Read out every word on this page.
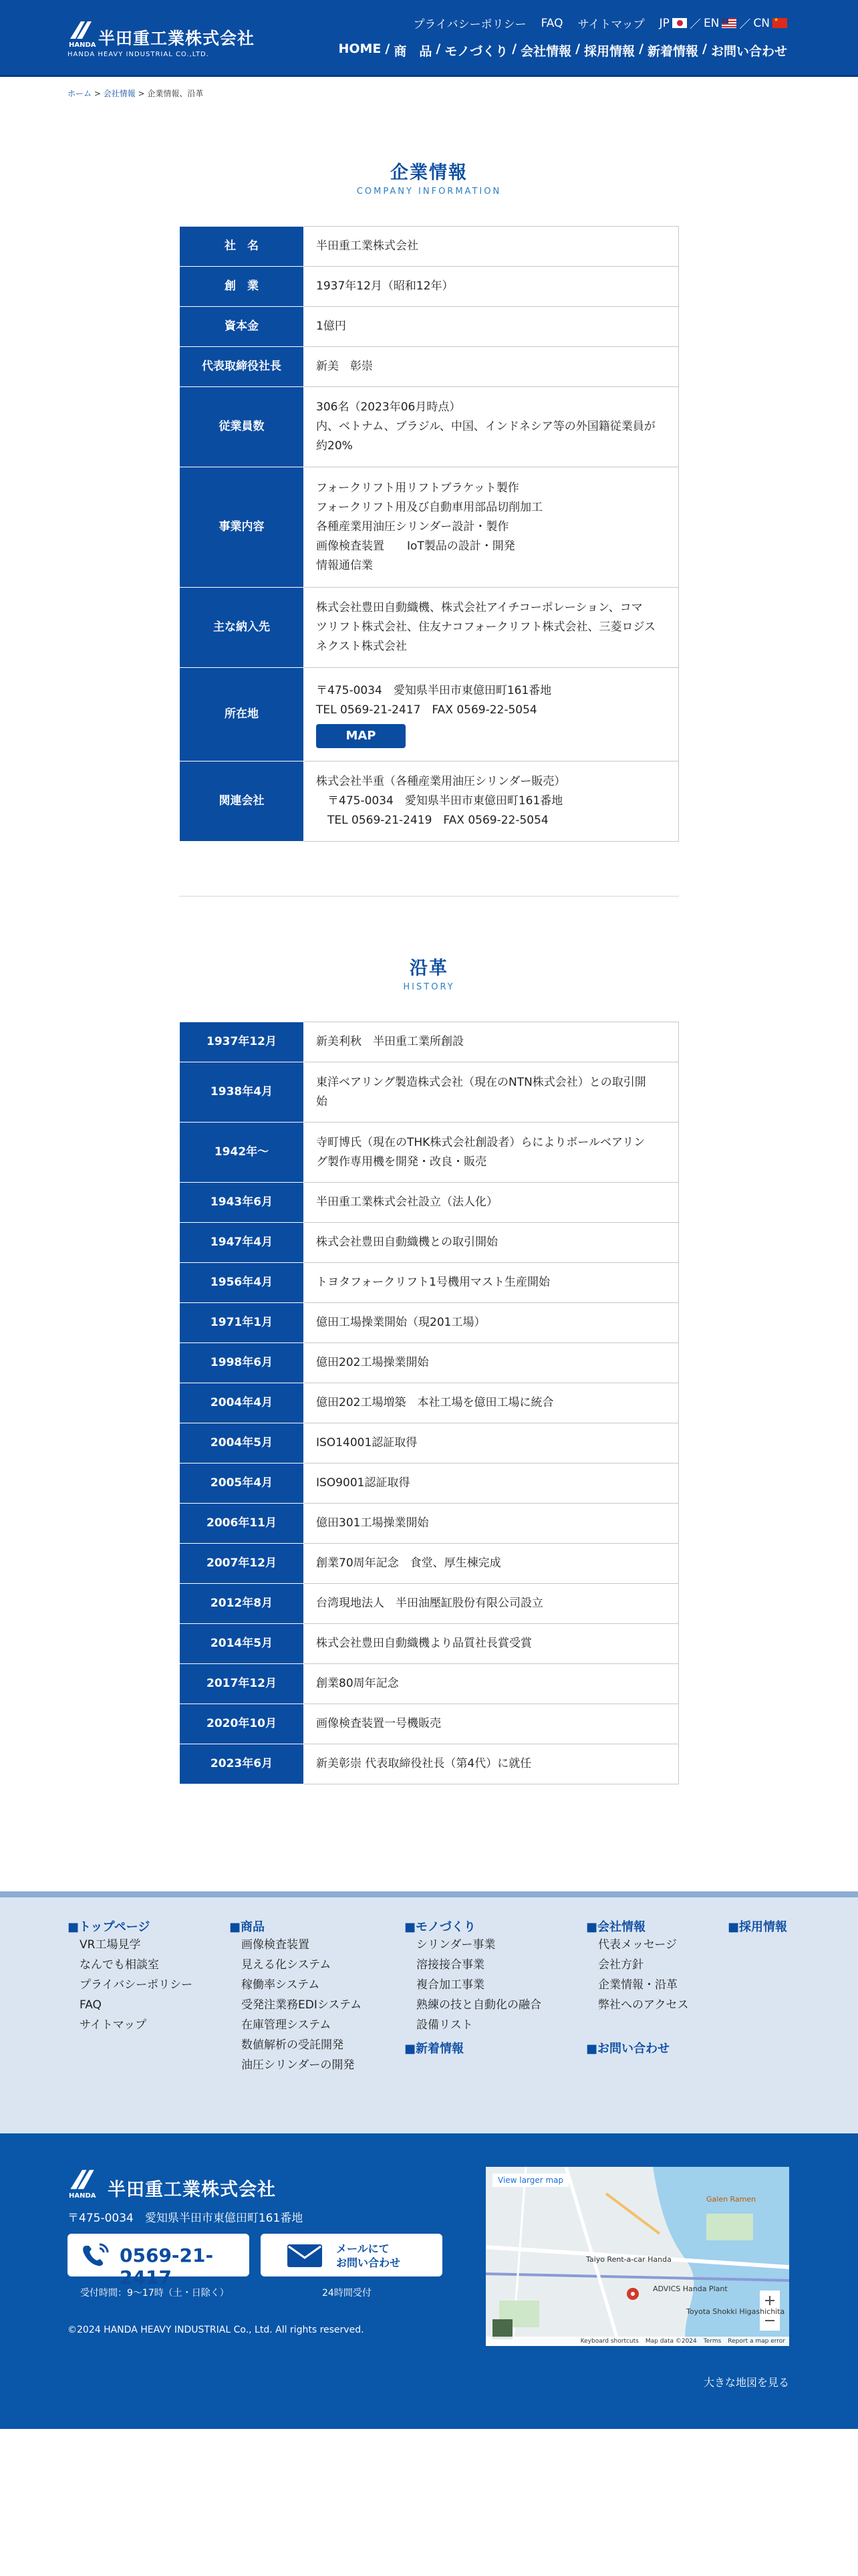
半田重工業株式会社
HANDA
HANDA HEAVY INDUSTRIAL CO.,LTD.
プライバシーポリシー FAQ サイトマップ JP ／ EN ／ CN
★
HOME / 商　品 / モノづくり / 会社情報 / 採用情報 / 新着情報 / お問い合わせ
ホーム > 会社情報 > 企業情報、沿革
企業情報
COMPANY INFORMATION
社　名	半田重工業株式会社

創　業	1937年12月（昭和12年）

資本金	1億円

代表取締役社長	新美　彰崇

従業員数	306名（2023年06月時点）
内、ベトナム、ブラジル、中国、インドネシア等の外国籍従業員が
約20%

事業内容	フォークリフト用リフトブラケット製作
フォークリフト用及び自動車用部品切削加工
各種産業用油圧シリンダー設計・製作
画像検査装置　　IoT製品の設計・開発
情報通信業

主な納入先	株式会社豊田自動織機、株式会社アイチコーポレーション、コマ
ツリフト株式会社、住友ナコフォークリフト株式会社、三菱ロジス
ネクスト株式会社

所在地	〒475-0034　愛知県半田市東億田町161番地
TEL 0569-21-2417　FAX 0569-22-5054
MAP
関連会社	株式会社半重（各種産業用油圧シリンダー販売）
　〒475-0034　愛知県半田市東億田町161番地
　TEL 0569-21-2419　FAX 0569-22-5054
沿革
HISTORY
1937年12月	新美利秋　半田重工業所創設

1938年4月	東洋ベアリング製造株式会社（現在のNTN株式会社）との取引開
始

1942年～	寺町博氏（現在のTHK株式会社創設者）らによりボールベアリン
グ製作専用機を開発・改良・販売

1943年6月	半田重工業株式会社設立（法人化）

1947年4月	株式会社豊田自動織機との取引開始

1956年4月	トヨタフォークリフト1号機用マスト生産開始

1971年1月	億田工場操業開始（現201工場）

1998年6月	億田202工場操業開始

2004年4月	億田202工場増築　本社工場を億田工場に統合

2004年5月	ISO14001認証取得

2005年4月	ISO9001認証取得

2006年11月	億田301工場操業開始

2007年12月	創業70周年記念　食堂、厚生棟完成

2012年8月	台湾現地法人　半田油壓缸股份有限公司設立

2014年5月	株式会社豊田自動織機より品質社長賞受賞

2017年12月	創業80周年記念

2020年10月	画像検査装置一号機販売

2023年6月	新美彰崇 代表取締役社長（第4代）に就任
■トップページ
VR工場見学
なんでも相談室
プライバシーポリシー
FAQ
サイトマップ
■商品
画像検査装置
見える化システム
稼働率システム
受発注業務EDIシステム
在庫管理システム
数値解析の受託開発
油圧シリンダーの開発
■モノづくり
シリンダー事業
溶接接合事業
複合加工事業
熟練の技と自動化の融合
設備リスト
■新着情報
■会社情報
代表メッセージ
会社方針
企業情報・沿革
弊社へのアクセス
■お問い合わせ
■採用情報
HANDA 半田重工業株式会社
〒475-0034　愛知県半田市東億田町161番地
0569-21-2417
メールにて
お問い合わせ
受付時間：9～17時（土・日除く）	24時間受付
©2024 HANDA HEAVY INDUSTRIAL Co., Ltd. All rights reserved.
View larger map
Galen Ramen
Taiyo Rent-a-car Handa
ADVICS Handa Plant
Toyota Shokki Higashichita
Keyboard shortcuts Map data ©2024 Terms Report a map error
大きな地図を見る
